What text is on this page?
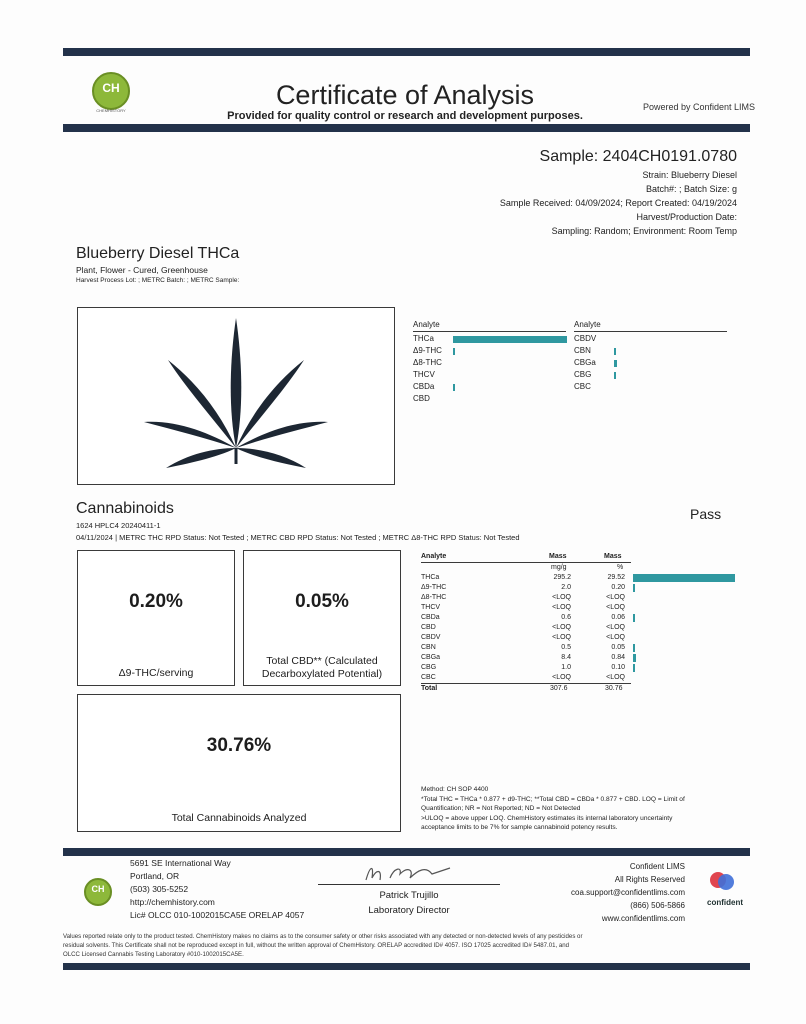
CH
CHEMHISTORY
Certificate of Analysis
Provided for quality control or research and development purposes.
Powered by Confident LIMS
Sample: 2404CH0191.0780
Strain: Blueberry Diesel
Batch#: ; Batch Size: g
Sample Received: 04/09/2024; Report Created: 04/19/2024
Harvest/Production Date:
Sampling: Random; Environment: Room Temp
Blueberry Diesel THCa
Plant, Flower - Cured, Greenhouse
Harvest Process Lot: ; METRC Batch: ; METRC Sample:
Analyte	Analyte
THCa
Δ9-THC
Δ8-THC
THCV
CBDa
CBD
CBDV
CBN
CBGa
CBG
CBC
Cannabinoids
1624 HPLC4 20240411-1
04/11/2024 | METRC THC RPD Status: Not Tested ; METRC CBD RPD Status: Not Tested ; METRC Δ8-THC RPD Status: Not Tested
Pass
0.20%
Δ9-THC/serving
0.05%
Total CBD** (Calculated
Decarboxylated Potential)
30.76%
Total Cannabinoids Analyzed
Analyte	Mass	Mass
mg/g	%
THCa	295.2	29.52
Δ9-THC	2.0	0.20
Δ8-THC	<LOQ	<LOQ
THCV	<LOQ	<LOQ
CBDa	0.6	0.06
CBD	<LOQ	<LOQ
CBDV	<LOQ	<LOQ
CBN	0.5	0.05
CBGa	8.4	0.84
CBG	1.0	0.10
CBC	<LOQ	<LOQ
Total	307.6	30.76
Method: CH SOP 4400
*Total THC = THCa * 0.877 + d9-THC; **Total CBD = CBDa * 0.877 + CBD. LOQ = Limit of
Quantification; NR = Not Reported; ND = Not Detected
>ULOQ = above upper LOQ. ChemHistory estimates its internal laboratory uncertainty
acceptance limits to be 7% for sample cannabinoid potency results.
CH
5691 SE International Way
Portland, OR
(503) 305-5252
http://chemhistory.com
Lic# OLCC 010-1002015CA5E ORELAP 4057
Patrick Trujillo
Laboratory Director
Confident LIMS
All Rights Reserved
coa.support@confidentlims.com
(866) 506-5866
www.confidentlims.com
confident
Values reported relate only to the product tested. ChemHistory makes no claims as to the consumer safety or other risks associated with any detected or non-detected levels of any pesticides or
residual solvents. This Certificate shall not be reproduced except in full, without the written approval of ChemHistory. ORELAP accredited ID# 4057. ISO 17025 accredited ID# 5487.01, and
OLCC Licensed Cannabis Testing Laboratory #010-1002015CA5E.
